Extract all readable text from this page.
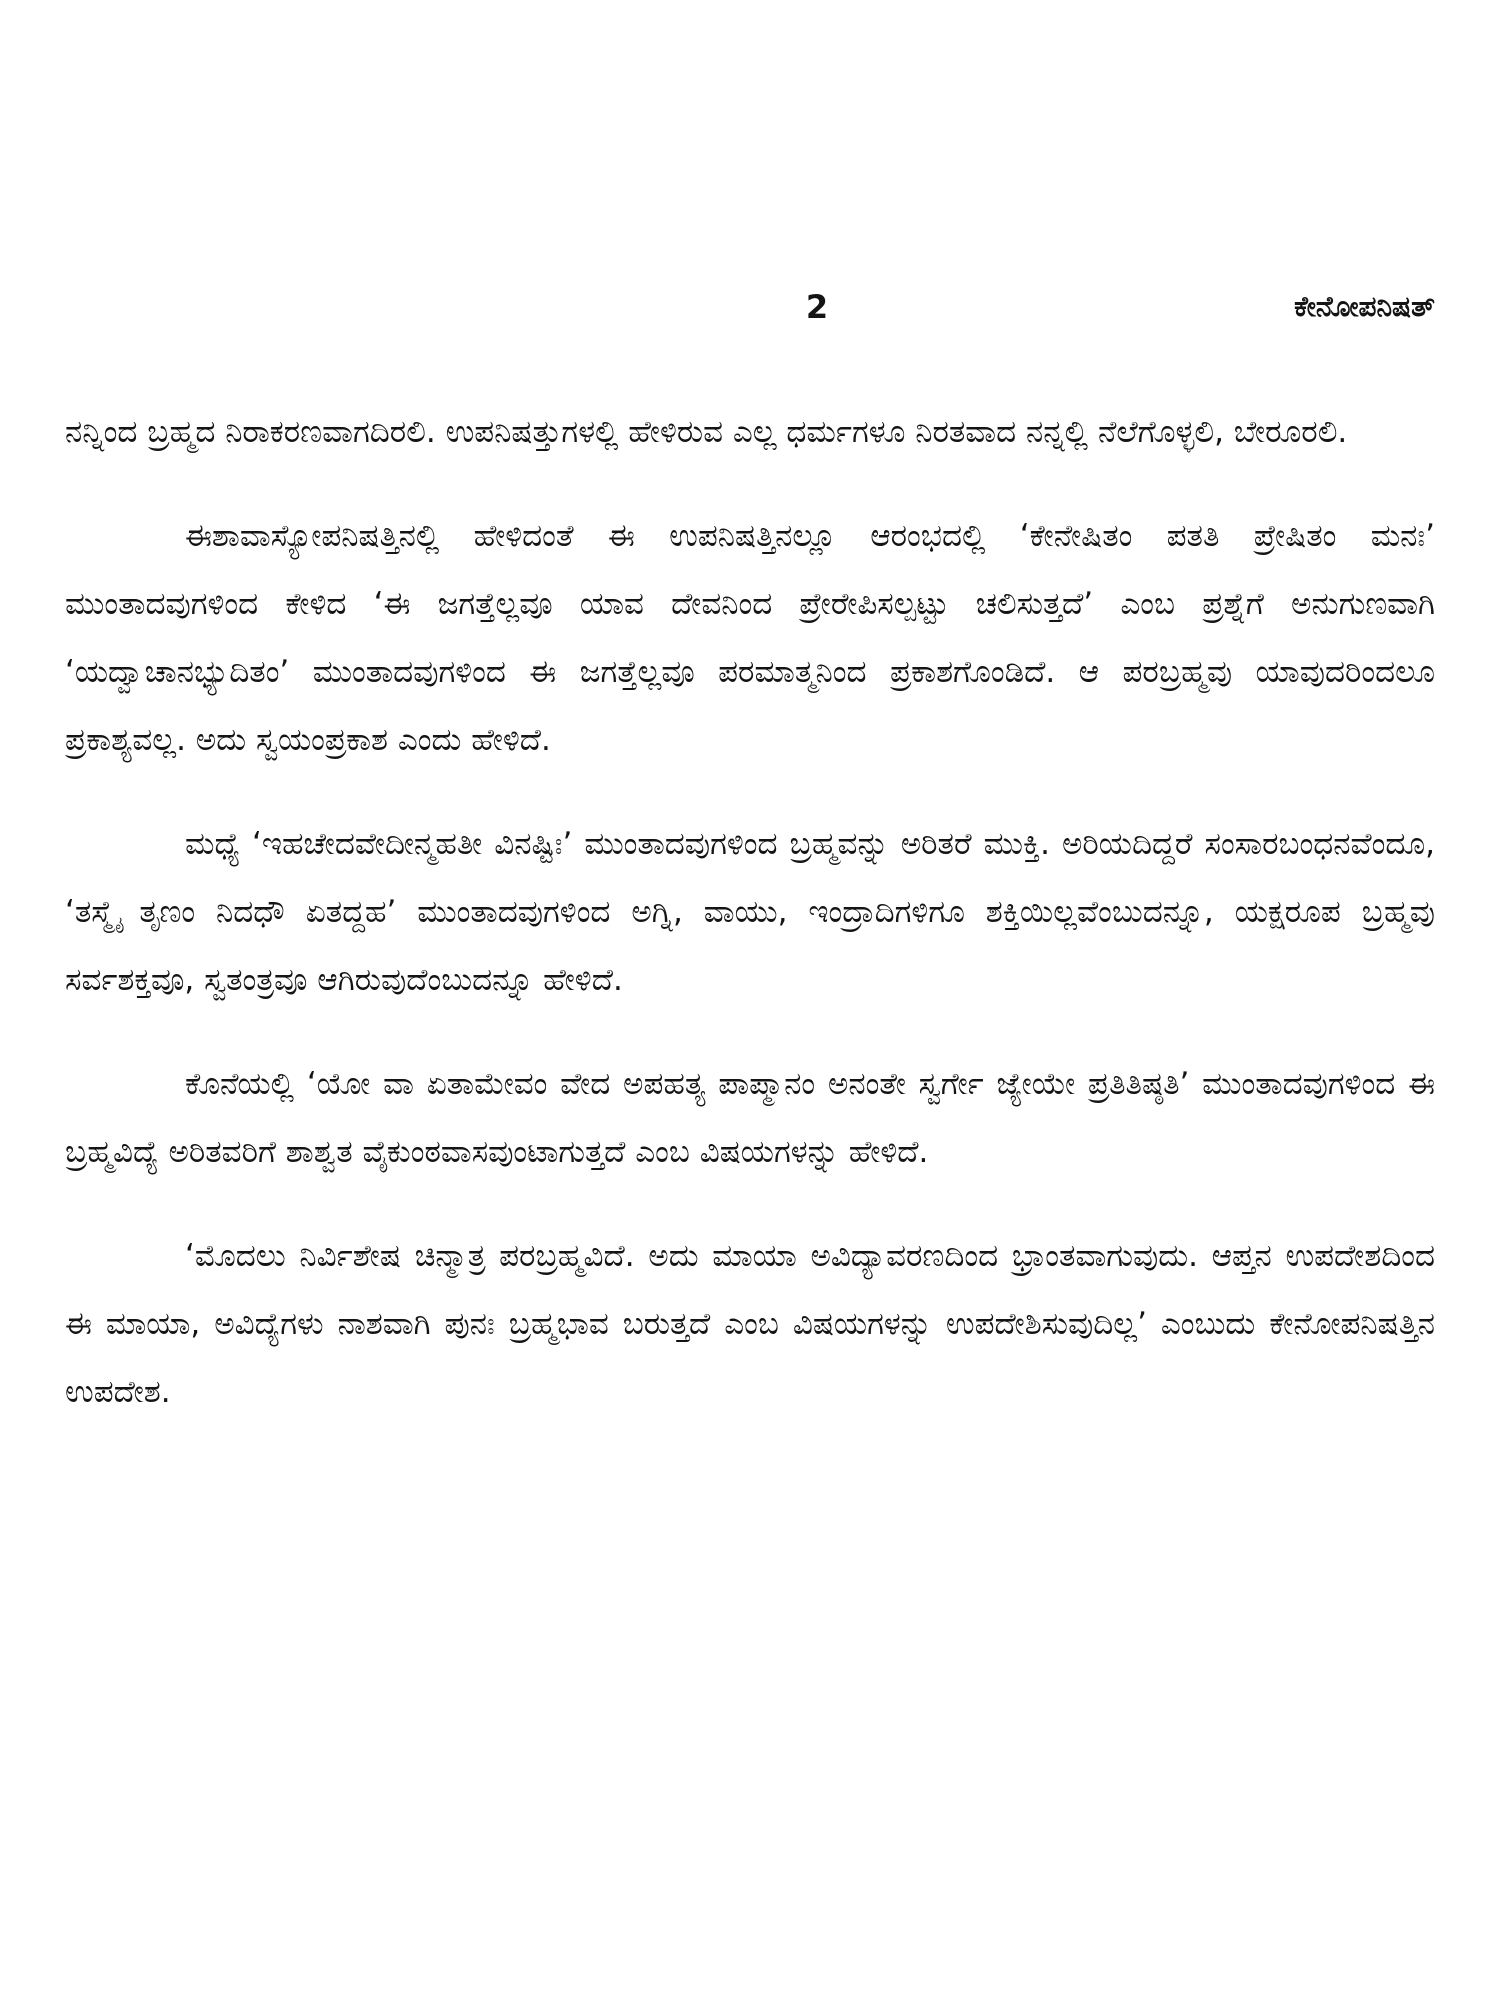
2	ಕೇನೋಪನಿಷತ್

ನನ್ನಿಂದ ಬ್ರಹ್ಮದ ನಿರಾಕರಣವಾಗದಿರಲಿ. ಉಪನಿಷತ್ತುಗಳಲ್ಲಿ ಹೇಳಿರುವ ಎಲ್ಲ ಧರ್ಮಗಳೂ ನಿರತವಾದ ನನ್ನಲ್ಲಿ ನೆಲೆಗೊಳ್ಳಲಿ, ಬೇರೂರಲಿ.

ಈಶಾವಾಸ್ಯೋಪನಿಷತ್ತಿನಲ್ಲಿ ಹೇಳಿದಂತೆ ಈ ಉಪನಿಷತ್ತಿನಲ್ಲೂ ಆರಂಭದಲ್ಲಿ ‘ಕೇನೇಷಿತಂ ಪತತಿ ಪ್ರೇಷಿತಂ ಮನಃ’ ಮುಂತಾದವುಗಳಿಂದ ಕೇಳಿದ ‘ಈ ಜಗತ್ತೆಲ್ಲವೂ ಯಾವ ದೇವನಿಂದ ಪ್ರೇರೇಪಿಸಲ್ಪಟ್ಟು ಚಲಿಸುತ್ತದೆ’ ಎಂಬ ಪ್ರಶ್ನೆಗೆ ಅನುಗುಣವಾಗಿ ‘ಯದ್ವಾಚಾನಭ್ಯುದಿತಂ’ ಮುಂತಾದವುಗಳಿಂದ ಈ ಜಗತ್ತೆಲ್ಲವೂ ಪರಮಾತ್ಮನಿಂದ ಪ್ರಕಾಶಗೊಂಡಿದೆ. ಆ ಪರಬ್ರಹ್ಮವು ಯಾವುದರಿಂದಲೂ ಪ್ರಕಾಶ್ಯವಲ್ಲ. ಅದು ಸ್ವಯಂಪ್ರಕಾಶ ಎಂದು ಹೇಳಿದೆ.

ಮಧ್ಯೆ ‘ಇಹಚೇದವೇದೀನ್ಮಹತೀ ವಿನಷ್ಟಿಃ’ ಮುಂತಾದವುಗಳಿಂದ ಬ್ರಹ್ಮವನ್ನು ಅರಿತರೆ ಮುಕ್ತಿ. ಅರಿಯದಿದ್ದರೆ ಸಂಸಾರಬಂಧನವೆಂದೂ, ‘ತಸ್ಮೈ ತೃಣಂ ನಿದಧೌ ಏತದ್ದಹ’ ಮುಂತಾದವುಗಳಿಂದ ಅಗ್ನಿ, ವಾಯು, ಇಂದ್ರಾದಿಗಳಿಗೂ ಶಕ್ತಿಯಿಲ್ಲವೆಂಬುದನ್ನೂ, ಯಕ್ಷರೂಪ ಬ್ರಹ್ಮವು ಸರ್ವಶಕ್ತವೂ, ಸ್ವತಂತ್ರವೂ ಆಗಿರುವುದೆಂಬುದನ್ನೂ ಹೇಳಿದೆ.

ಕೊನೆಯಲ್ಲಿ ‘ಯೋ ವಾ ಏತಾಮೇವಂ ವೇದ ಅಪಹತ್ಯ ಪಾಪ್ಮಾನಂ ಅನಂತೇ ಸ್ವರ್ಗೇ ಜ್ಯೇಯೇ ಪ್ರತಿತಿಷ್ಠತಿ’ ಮುಂತಾದವುಗಳಿಂದ ಈ ಬ್ರಹ್ಮವಿದ್ಯೆ ಅರಿತವರಿಗೆ ಶಾಶ್ವತ ವೈಕುಂಠವಾಸವುಂಟಾಗುತ್ತದೆ ಎಂಬ ವಿಷಯಗಳನ್ನು ಹೇಳಿದೆ.

‘ಮೊದಲು ನಿರ್ವಿಶೇಷ ಚಿನ್ಮಾತ್ರ ಪರಬ್ರಹ್ಮವಿದೆ. ಅದು ಮಾಯಾ ಅವಿದ್ಯಾವರಣದಿಂದ ಭ್ರಾಂತವಾಗುವುದು. ಆಪ್ತನ ಉಪದೇಶದಿಂದ ಈ ಮಾಯಾ, ಅವಿದ್ಯೆಗಳು ನಾಶವಾಗಿ ಪುನಃ ಬ್ರಹ್ಮಭಾವ ಬರುತ್ತದೆ ಎಂಬ ವಿಷಯಗಳನ್ನು ಉಪದೇಶಿಸುವುದಿಲ್ಲ’ ಎಂಬುದು ಕೇನೋಪನಿಷತ್ತಿನ ಉಪದೇಶ.
